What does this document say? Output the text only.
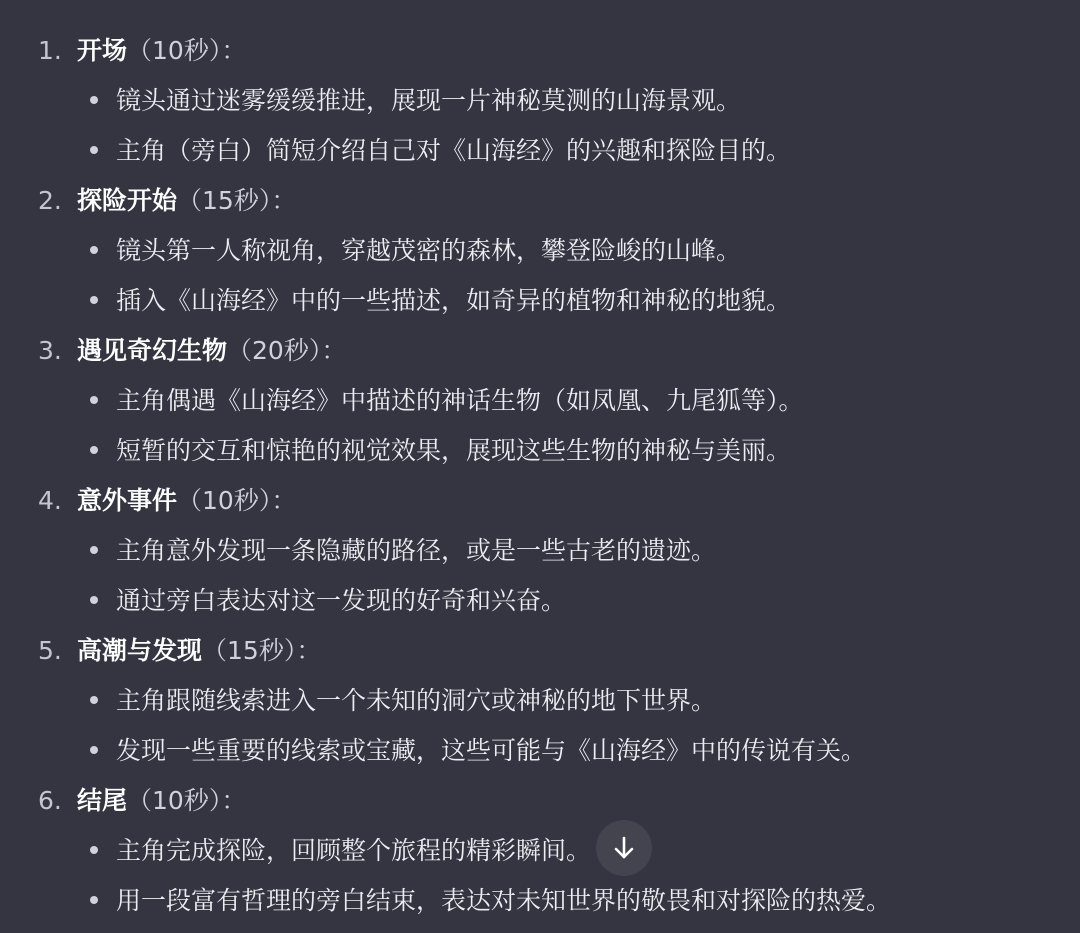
1. 开场（10秒）：
镜头通过迷雾缓缓推进，展现一片神秘莫测的山海景观。
主角（旁白）简短介绍自己对《山海经》的兴趣和探险目的。
2. 探险开始（15秒）：
镜头第一人称视角，穿越茂密的森林，攀登险峻的山峰。
插入《山海经》中的一些描述，如奇异的植物和神秘的地貌。
3. 遇见奇幻生物（20秒）：
主角偶遇《山海经》中描述的神话生物（如凤凰、九尾狐等）。
短暂的交互和惊艳的视觉效果，展现这些生物的神秘与美丽。
4. 意外事件（10秒）：
主角意外发现一条隐藏的路径，或是一些古老的遗迹。
通过旁白表达对这一发现的好奇和兴奋。
5. 高潮与发现（15秒）：
主角跟随线索进入一个未知的洞穴或神秘的地下世界。
发现一些重要的线索或宝藏，这些可能与《山海经》中的传说有关。
6. 结尾（10秒）：
主角完成探险，回顾整个旅程的精彩瞬间。
用一段富有哲理的旁白结束，表达对未知世界的敬畏和对探险的热爱。
